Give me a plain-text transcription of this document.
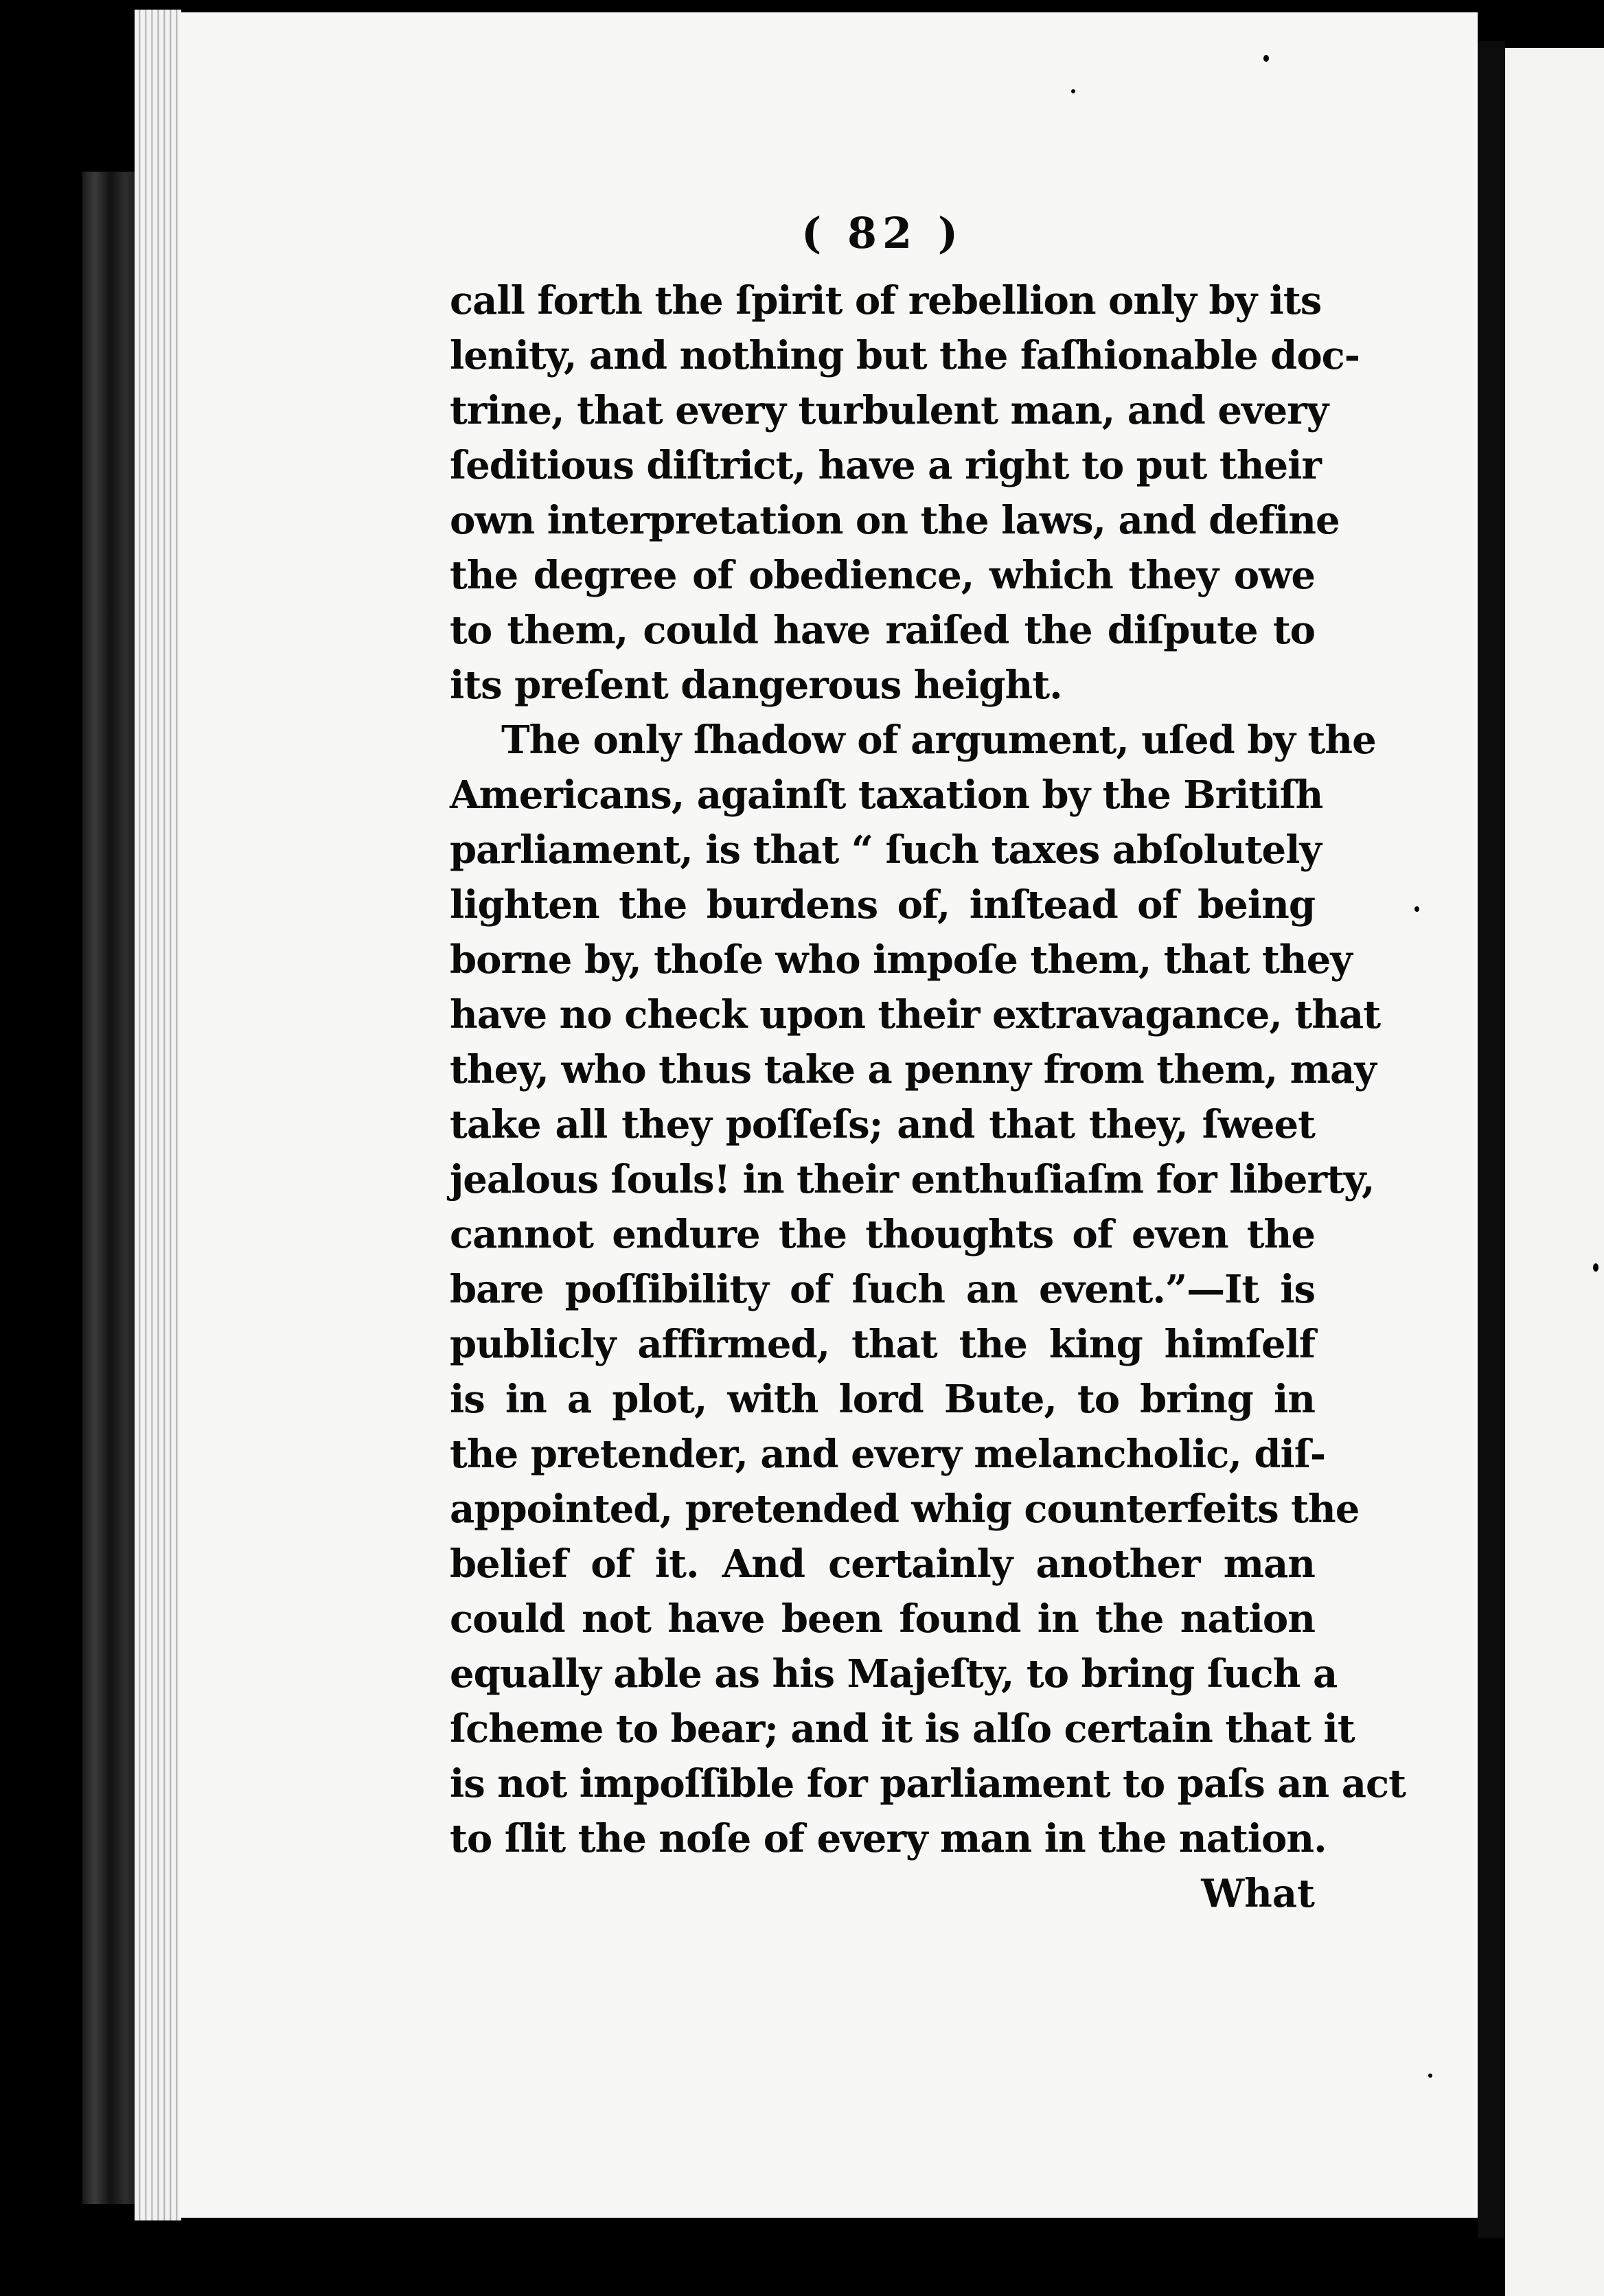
( 82 )
call forth the ſpirit of rebellion only by its
lenity, and nothing but the faſhionable doc-
trine, that every turbulent man, and every
ſeditious diſtrict, have a right to put their
own interpretation on the laws, and define
the degree of obedience, which they owe
to them, could have raiſed the diſpute to
its preſent dangerous height.
The only ſhadow of argument, uſed by the
Americans, againſt taxation by the Britiſh
parliament, is that “ ſuch taxes abſolutely
lighten the burdens of, inſtead of being
borne by, thoſe who impoſe them, that they
have no check upon their extravagance, that
they, who thus take a penny from them, may
take all they poſſeſs; and that they, ſweet
jealous ſouls! in their enthuſiaſm for liberty,
cannot endure the thoughts of even the
bare poſſibility of ſuch an event.”—It is
publicly affirmed, that the king himſelf
is in a plot, with lord Bute, to bring in
the pretender, and every melancholic, diſ-
appointed, pretended whig counterfeits the
belief of it. And certainly another man
could not have been found in the nation
equally able as his Majeſty, to bring ſuch a
ſcheme to bear; and it is alſo certain that it
is not impoſſible for parliament to paſs an act
to ſlit the noſe of every man in the nation.
What
